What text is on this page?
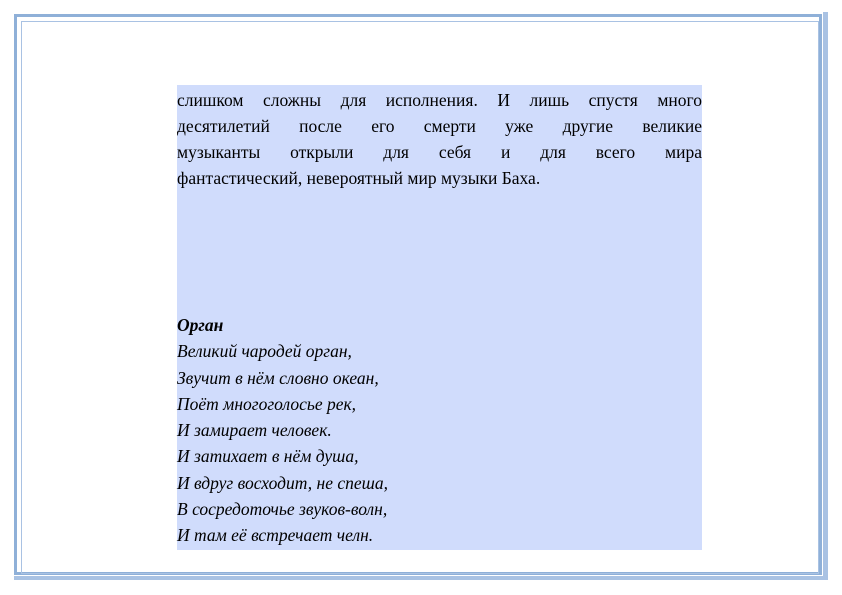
слишком сложны для исполнения. И лишь спустя много
десятилетий после его смерти уже другие великие
музыканты открыли для себя и для всего мира
фантастический, невероятный мир музыки Баха.
Орган
Великий чародей орган,
Звучит в нём словно океан,
Поёт многоголосье рек,
И замирает человек.
И затихает в нём душа,
И вдруг восходит, не спеша,
В сосредоточье звуков-волн,
И там её встречает челн.
